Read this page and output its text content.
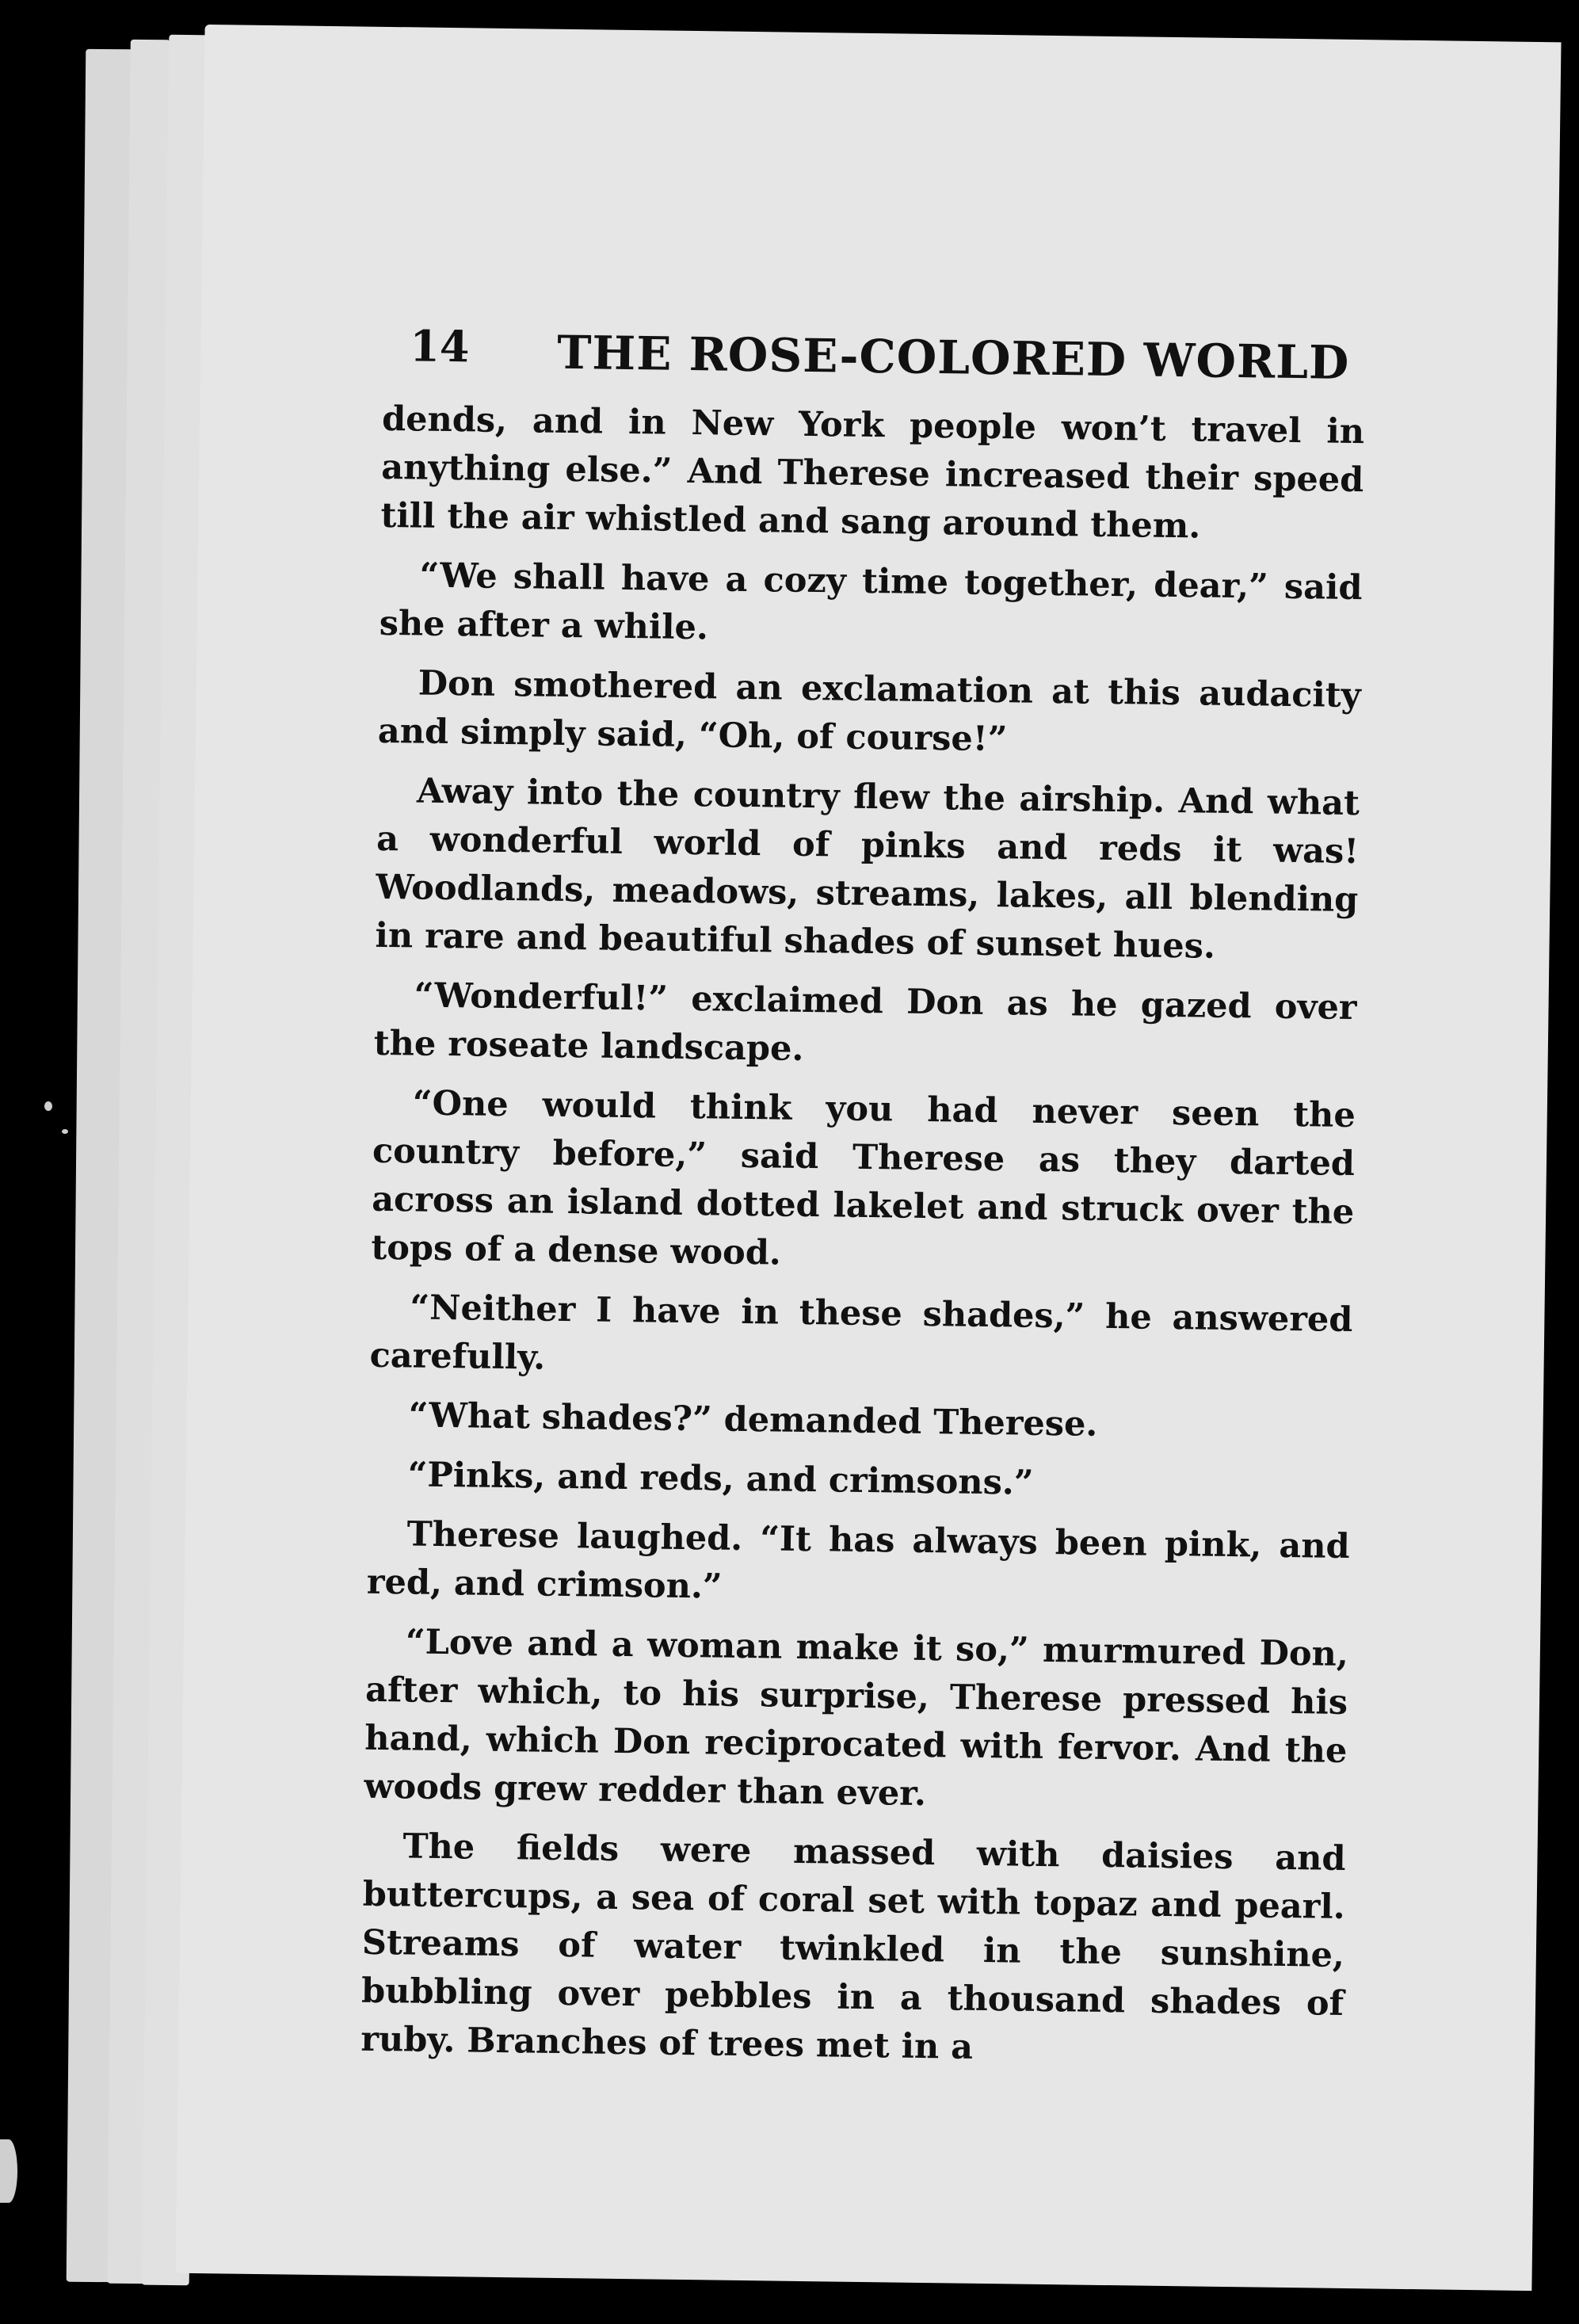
14 THE ROSE-COLORED WORLD

dends, and in New York people won’t travel in anything else.” And Therese increased their speed till the air whistled and sang around them.

“We shall have a cozy time together, dear,” said she after a while.

Don smothered an exclamation at this audacity and simply said, “Oh, of course!”

Away into the country flew the airship. And what a wonderful world of pinks and reds it was! Woodlands, meadows, streams, lakes, all blending in rare and beautiful shades of sunset hues.

“Wonderful!” exclaimed Don as he gazed over the roseate landscape.

“One would think you had never seen the country before,” said Therese as they darted across an island dotted lakelet and struck over the tops of a dense wood.

“Neither I have in these shades,” he answered carefully.

“What shades?” demanded Therese.

“Pinks, and reds, and crimsons.”

Therese laughed. “It has always been pink, and red, and crimson.”

“Love and a woman make it so,” murmured Don, after which, to his surprise, Therese pressed his hand, which Don reciprocated with fervor. And the woods grew redder than ever.

The fields were massed with daisies and buttercups, a sea of coral set with topaz and pearl. Streams of water twinkled in the sunshine, bubbling over pebbles in a thousand shades of ruby. Branches of trees met in a
